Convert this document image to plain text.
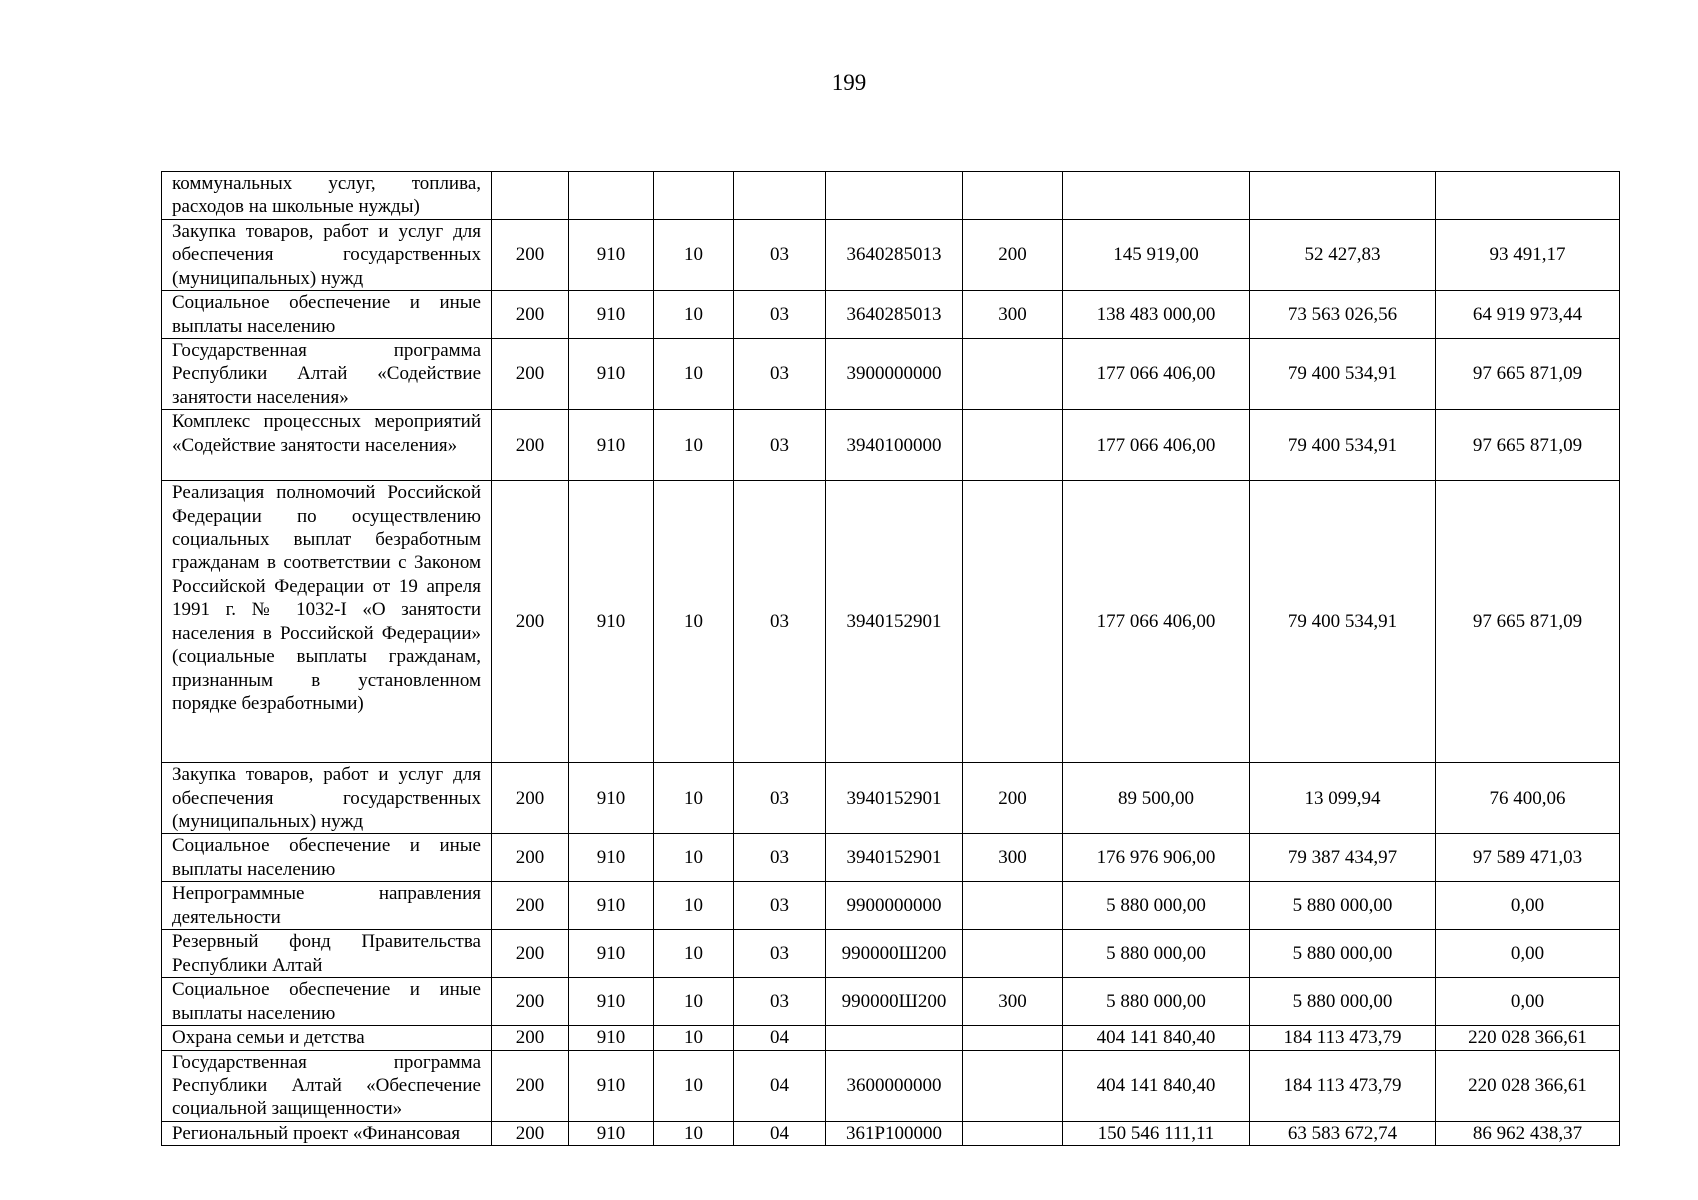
199
коммунальных услуг, топлива, расходов на школьные нужды)									
Закупка товаров, работ и услуг для обеспечения государственных (муниципальных) нужд	200	910	10	03	3640285013	200	145 919,00	52 427,83	93 491,17
Социальное обеспечение и иные выплаты населению	200	910	10	03	3640285013	300	138 483 000,00	73 563 026,56	64 919 973,44
Государственная программа Республики Алтай «Содействие занятости населения»	200	910	10	03	3900000000		177 066 406,00	79 400 534,91	97 665 871,09
Комплекс процессных мероприятий «Содействие занятости населения»	200	910	10	03	3940100000		177 066 406,00	79 400 534,91	97 665 871,09
Реализация полномочий Российской Федерации по осуществлению социальных выплат безработным гражданам в соответствии с Законом Российской Федерации от 19 апреля 1991 г. № 1032-I «О занятости населения в Российской Федерации» (социальные выплаты гражданам, признанным в установленном порядке безработными)	200	910	10	03	3940152901		177 066 406,00	79 400 534,91	97 665 871,09
Закупка товаров, работ и услуг для обеспечения государственных (муниципальных) нужд	200	910	10	03	3940152901	200	89 500,00	13 099,94	76 400,06
Социальное обеспечение и иные выплаты населению	200	910	10	03	3940152901	300	176 976 906,00	79 387 434,97	97 589 471,03
Непрограммные направления деятельности	200	910	10	03	9900000000		5 880 000,00	5 880 000,00	0,00
Резервный фонд Правительства Республики Алтай	200	910	10	03	990000Ш200		5 880 000,00	5 880 000,00	0,00
Социальное обеспечение и иные выплаты населению	200	910	10	03	990000Ш200	300	5 880 000,00	5 880 000,00	0,00
Охрана семьи и детства	200	910	10	04			404 141 840,40	184 113 473,79	220 028 366,61
Государственная программа Республики Алтай «Обеспечение социальной защищенности»	200	910	10	04	3600000000		404 141 840,40	184 113 473,79	220 028 366,61
Региональный проект «Финансовая	200	910	10	04	361P100000		150 546 111,11	63 583 672,74	86 962 438,37
